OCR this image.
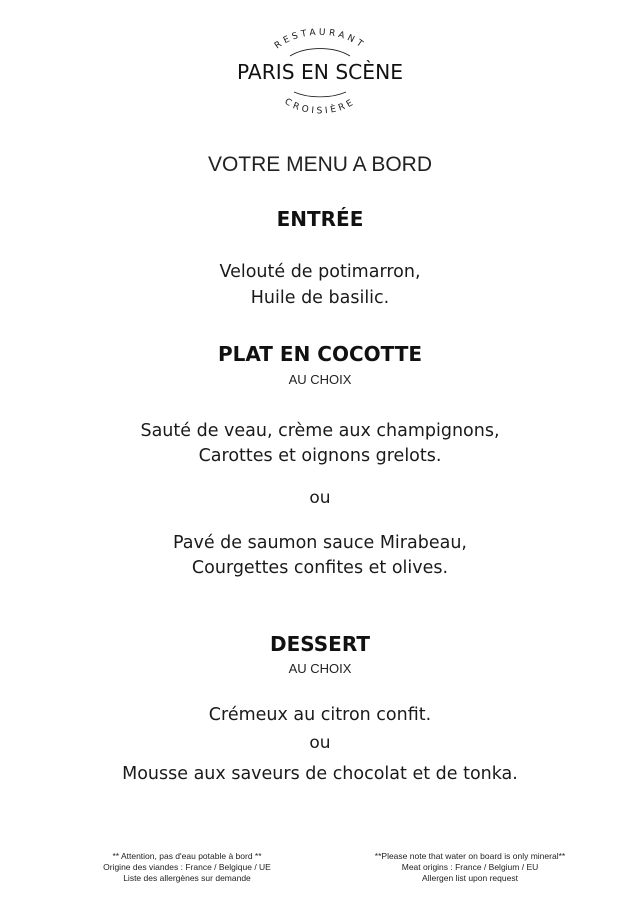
RESTAURANT
PARIS EN SCÈNE
CROISIÈRE
VOTRE MENU A BORD
ENTRÉE
Velouté de potimarron,
Huile de basilic.
PLAT EN COCOTTE
AU CHOIX
Sauté de veau, crème aux champignons,
Carottes et oignons grelots.
ou
Pavé de saumon sauce Mirabeau,
Courgettes confites et olives.
DESSERT
AU CHOIX
Crémeux au citron confit.
ou
Mousse aux saveurs de chocolat et de tonka.
** Attention, pas d'eau potable à bord **
Origine des viandes : France / Belgique / UE
Liste des allergènes sur demande
**Please note that water on board is only mineral**
Meat origins : France / Belgium / EU
Allergen list upon request
